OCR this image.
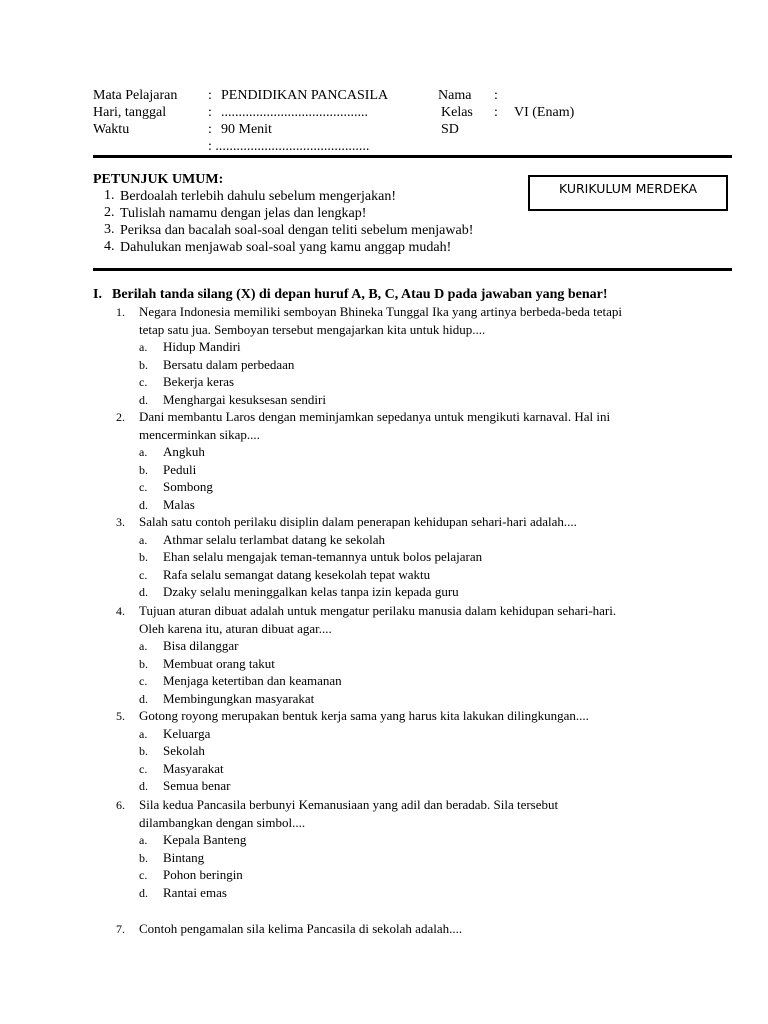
Mata Pelajaran : PENDIDIKAN PANCASILA
Hari, tanggal	: ..........................................
Waktu	: 90 Menit
: ............................................
Nama :
Kelas : VI (Enam)
SD
PETUNJUK UMUM:
1. Berdoalah terlebih dahulu sebelum mengerjakan!
2. Tulislah namamu dengan jelas dan lengkap!
3. Periksa dan bacalah soal-soal dengan teliti sebelum menjawab!
4. Dahulukan menjawab soal-soal yang kamu anggap mudah!
KURIKULUM MERDEKA
I. Berilah tanda silang (X) di depan huruf A, B, C, Atau D pada jawaban yang benar!
1. Negara Indonesia memiliki semboyan Bhineka Tunggal Ika yang artinya berbeda-beda tetapi
tetap satu jua. Semboyan tersebut mengajarkan kita untuk hidup....
a. Hidup Mandiri
b. Bersatu dalam perbedaan
c. Bekerja keras
d. Menghargai kesuksesan sendiri
2. Dani membantu Laros dengan meminjamkan sepedanya untuk mengikuti karnaval. Hal ini
mencerminkan sikap....
a. Angkuh
b. Peduli
c. Sombong
d. Malas
3. Salah satu contoh perilaku disiplin dalam penerapan kehidupan sehari-hari adalah....
a. Athmar selalu terlambat datang ke sekolah
b. Ehan selalu mengajak teman-temannya untuk bolos pelajaran
c. Rafa selalu semangat datang kesekolah tepat waktu
d. Dzaky selalu meninggalkan kelas tanpa izin kepada guru
4. Tujuan aturan dibuat adalah untuk mengatur perilaku manusia dalam kehidupan sehari-hari.
Oleh karena itu, aturan dibuat agar....
a. Bisa dilanggar
b. Membuat orang takut
c. Menjaga ketertiban dan keamanan
d. Membingungkan masyarakat
5. Gotong royong merupakan bentuk kerja sama yang harus kita lakukan dilingkungan....
a. Keluarga
b. Sekolah
c. Masyarakat
d. Semua benar
6. Sila kedua Pancasila berbunyi Kemanusiaan yang adil dan beradab. Sila tersebut
dilambangkan dengan simbol....
a. Kepala Banteng
b. Bintang
c. Pohon beringin
d. Rantai emas
7. Contoh pengamalan sila kelima Pancasila di sekolah adalah....
